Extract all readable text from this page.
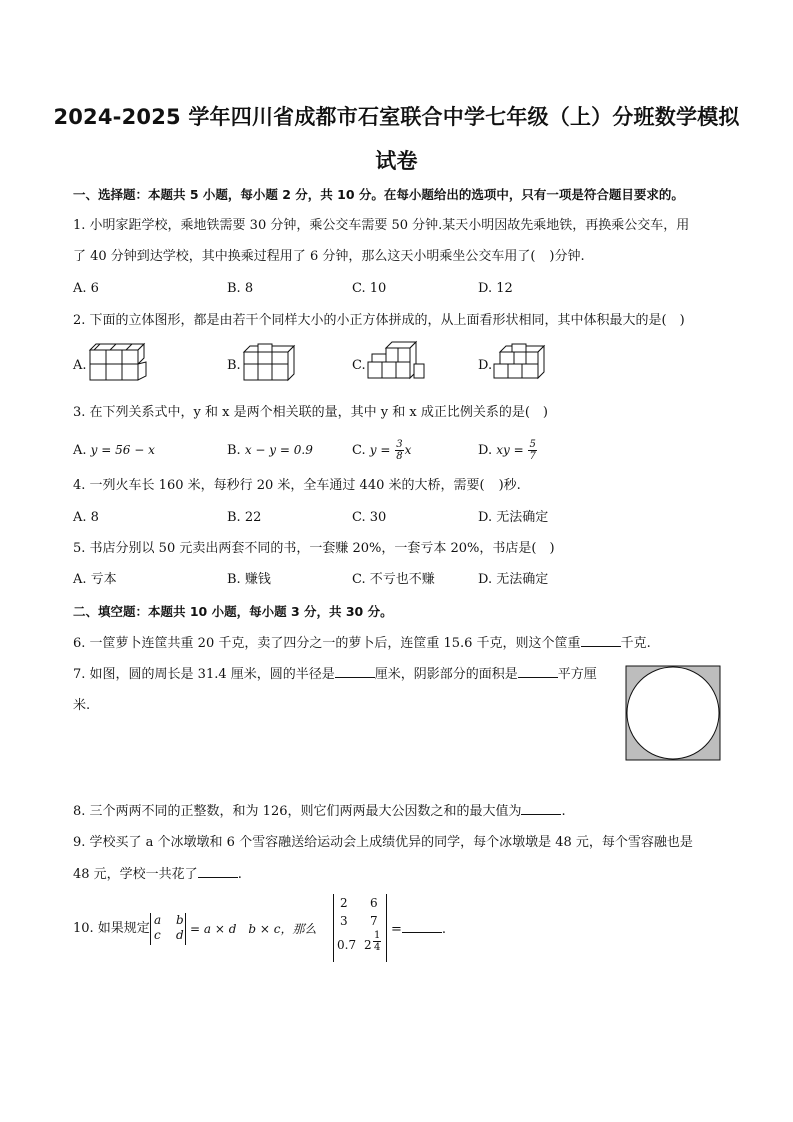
2024-2025 学年四川省成都市石室联合中学七年级（上）分班数学模拟
试卷
一、选择题：本题共 5 小题，每小题 2 分，共 10 分。在每小题给出的选项中，只有一项是符合题目要求的。
1. 小明家距学校，乘地铁需要 30 分钟，乘公交车需要 50 分钟.某天小明因故先乘地铁，再换乘公交车，用
了 40 分钟到达学校，其中换乘过程用了 6 分钟，那么这天小明乘坐公交车用了( )分钟.
A. 6	B. 8	C. 10	D. 12
2. 下面的立体图形，都是由若干个同样大小的小正方体拼成的，从上面看形状相同，其中体积最大的是(　)
A.	B.	C.	D.
3. 在下列关系式中，y 和 x 是两个相关联的量，其中 y 和 x 成正比例关系的是(　)
A. y = 56 − x	B. x − y = 0.9	C. $y = \frac{3}{8}$ x	D. xy = $\frac{5}{7}$
4. 一列火车长 160 米，每秒行 20 米，全车通过 440 米的大桥，需要( )秒.
A. 8	B. 22	C. 30	D. 无法确定
5. 书店分别以 50 元卖出两套不同的书，一套赚 20%，一套亏本 20%，书店是(　)
A. 亏本	B. 赚钱	C. 不亏也不赚	D. 无法确定
二、填空题：本题共 10 小题，每小题 3 分，共 30 分。
6. 一筐萝卜连筐共重 20 千克，卖了四分之一的萝卜后，连筐重 15.6 千克，则这个筐重	千克.
7. 如图，圆的周长是 31.4 厘米，圆的半径是	厘米，阴影部分的面积是	平方厘
米.
8. 三个两两不同的正整数，和为 126，则它们两两最大公因数之和的最大值为	.
9. 学校买了 a 个冰墩墩和 6 个雪容融送给运动会上成绩优异的同学，每个冰墩墩是 48 元，每个雪容融也是
48 元，学校一共花了	.
10. 如果规定
a b
c d = a × d　b × c，那么
2 6
3 7
0.7 $2 \frac{1}{4}$
=	.
